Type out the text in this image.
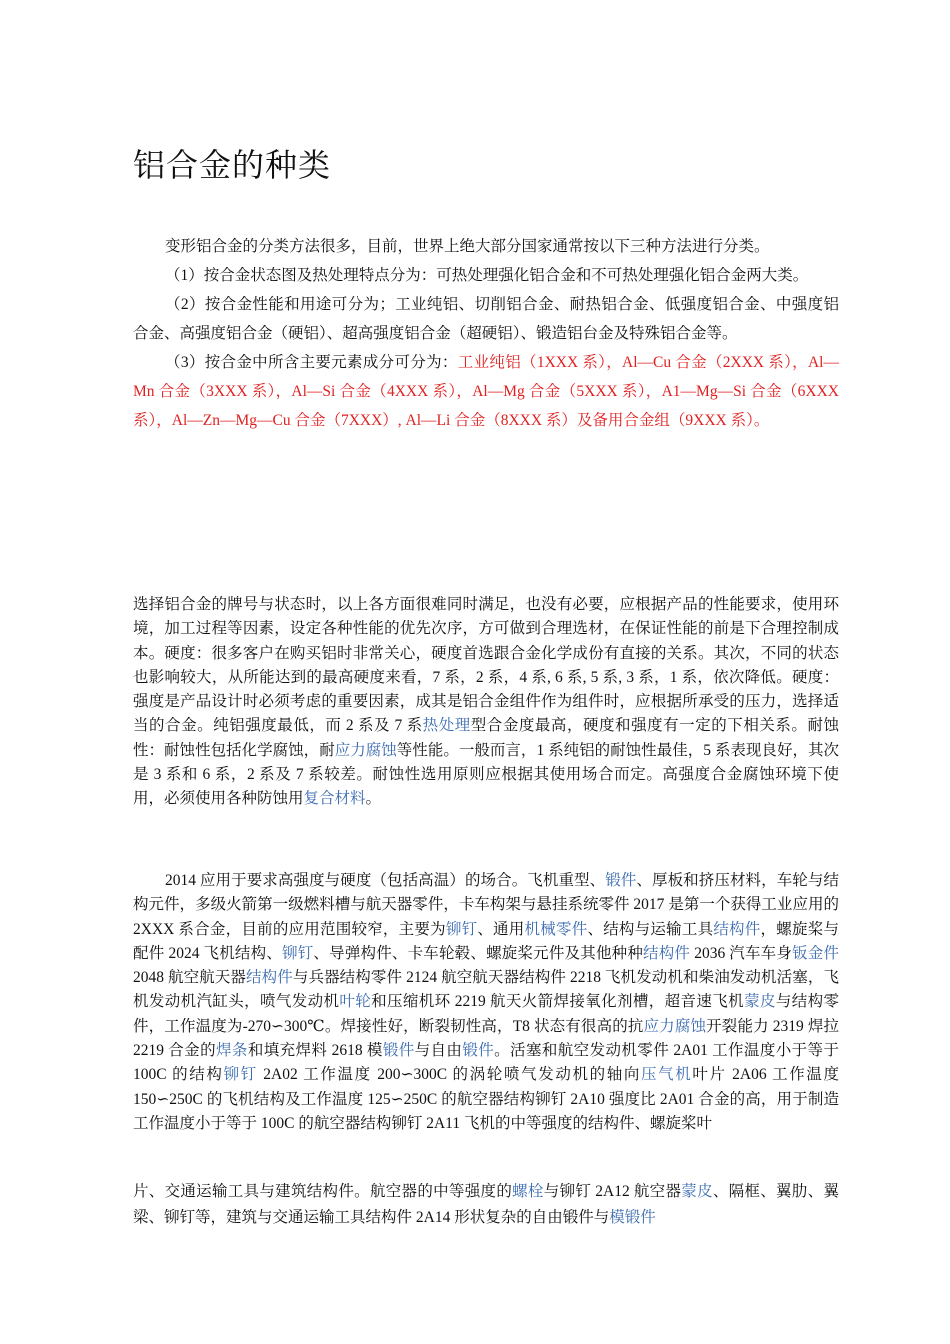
铝合金的种类

变形铝合金的分类方法很多，目前，世界上绝大部分国家通常按以下三种方法进行分类。

（1）按合金状态图及热处理特点分为：可热处理强化铝合金和不可热处理强化铝合金两大类。

（2）按合金性能和用途可分为；工业纯铝、切削铝合金、耐热铝合金、低强度铝合金、中强度铝合金、高强度铝合金（硬铝）、超高强度铝合金（超硬铝）、锻造铝台金及特殊铝合金等。

（3）按合金中所含主要元素成分可分为：工业纯铝（1XXX 系），Al—Cu 合金（2XXX 系），Al—Mn 合金（3XXX 系），Al—Si 合金（4XXX 系），Al—Mg 合金（5XXX 系），A1—Mg—Si 合金（6XXX 系），Al—Zn—Mg—Cu 合金（7XXX）, Al—Li 合金（8XXX 系）及备用合金组（9XXX 系）。

选择铝合金的牌号与状态时，以上各方面很难同时满足，也没有必要，应根据产品的性能要求，使用环境，加工过程等因素，设定各种性能的优先次序，方可做到合理选材，在保证性能的前是下合理控制成本。硬度：很多客户在购买铝时非常关心，硬度首选跟合金化学成份有直接的关系。其次，不同的状态也影响较大，从所能达到的最高硬度来看，7 系，2 系，4 系, 6 系, 5 系, 3 系，1 系，依次降低。硬度：强度是产品设计时必须考虑的重要因素，成其是铝合金组件作为组件时，应根据所承受的压力，选择适当的合金。纯铝强度最低，而 2 系及 7 系热处理型合金度最高，硬度和强度有一定的下相关系。耐蚀性：耐蚀性包括化学腐蚀，耐应力腐蚀等性能。一般而言，1 系纯铝的耐蚀性最佳，5 系表现良好，其次是 3 系和 6 系，2 系及 7 系较差。耐蚀性选用原则应根据其使用场合而定。高强度合金腐蚀环境下使用，必须使用各种防蚀用复合材料。

2014 应用于要求高强度与硬度（包括高温）的场合。飞机重型、锻件、厚板和挤压材料，车轮与结构元件，多级火箭第一级燃料槽与航天器零件，卡车构架与悬挂系统零件 2017 是第一个获得工业应用的 2XXX 系合金，目前的应用范围较窄，主要为铆钉、通用机械零件、结构与运输工具结构件，螺旋桨与配件 2024 飞机结构、铆钉、导弹构件、卡车轮毂、螺旋桨元件及其他种种结构件 2036 汽车车身钣金件 2048 航空航天器结构件与兵器结构零件 2124 航空航天器结构件 2218 飞机发动机和柴油发动机活塞，飞机发动机汽缸头，喷气发动机叶轮和压缩机环 2219 航天火箭焊接氧化剂槽，超音速飞机蒙皮与结构零件，工作温度为-270∽300℃。焊接性好，断裂韧性高，T8 状态有很高的抗应力腐蚀开裂能力 2319 焊拉 2219 合金的焊条和填充焊料 2618 模锻件与自由锻件。活塞和航空发动机零件 2A01 工作温度小于等于 100C 的结构铆钉 2A02 工作温度 200∽300C 的涡轮喷气发动机的轴向压气机叶片 2A06 工作温度 150∽250C 的飞机结构及工作温度 125∽250C 的航空器结构铆钉 2A10 强度比 2A01 合金的高，用于制造工作温度小于等于 100C 的航空器结构铆钉 2A11 飞机的中等强度的结构件、螺旋桨叶

片、交通运输工具与建筑结构件。航空器的中等强度的螺栓与铆钉 2A12 航空器蒙皮、隔框、翼肋、翼梁、铆钉等，建筑与交通运输工具结构件 2A14 形状复杂的自由锻件与模锻件
